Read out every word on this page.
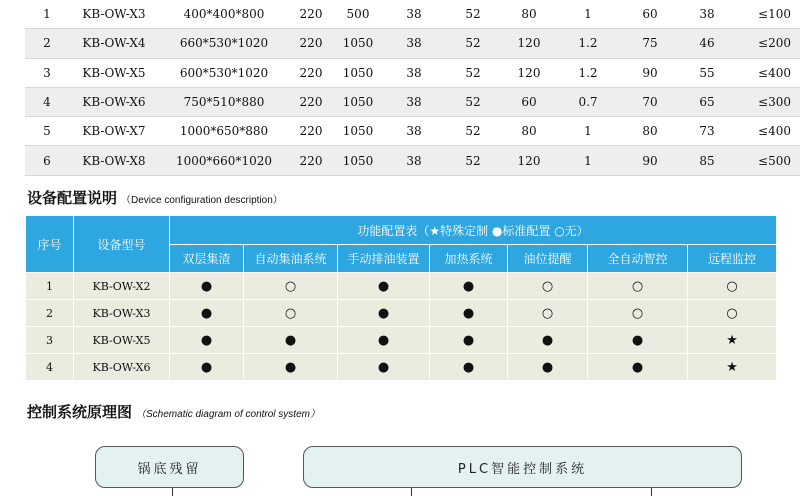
1	KB-OW-X3	400*400*800	220	500	38	52	80	1	60	38	≤100
2	KB-OW-X4	660*530*1020	220	1050	38	52	120	1.2	75	46	≤200
3	KB-OW-X5	600*530*1020	220	1050	38	52	120	1.2	90	55	≤400
4	KB-OW-X6	750*510*880	220	1050	38	52	60	0.7	70	65	≤300
5	KB-OW-X7	1000*650*880	220	1050	38	52	80	1	80	73	≤400
6	KB-OW-X8	1000*660*1020	220	1050	38	52	120	1	90	85	≤500
设备配置说明 （Device configuration description）
序号	设备型号	功能配置表（★特殊定制 ●标准配置 ○无）						
		双层集渣	自动集油系统	手动排油装置	加热系统	油位提醒	全自动智控	远程监控
1	KB-OW-X2	●	○	●	●	○	○	○
2	KB-OW-X3	●	○	●	●	○	○	○
3	KB-OW-X5	●	●	●	●	●	●	★
4	KB-OW-X6	●	●	●	●	●	●	★
控制系统原理图 （Schematic diagram of control system）
锅底残留	PLC智能控制系统
